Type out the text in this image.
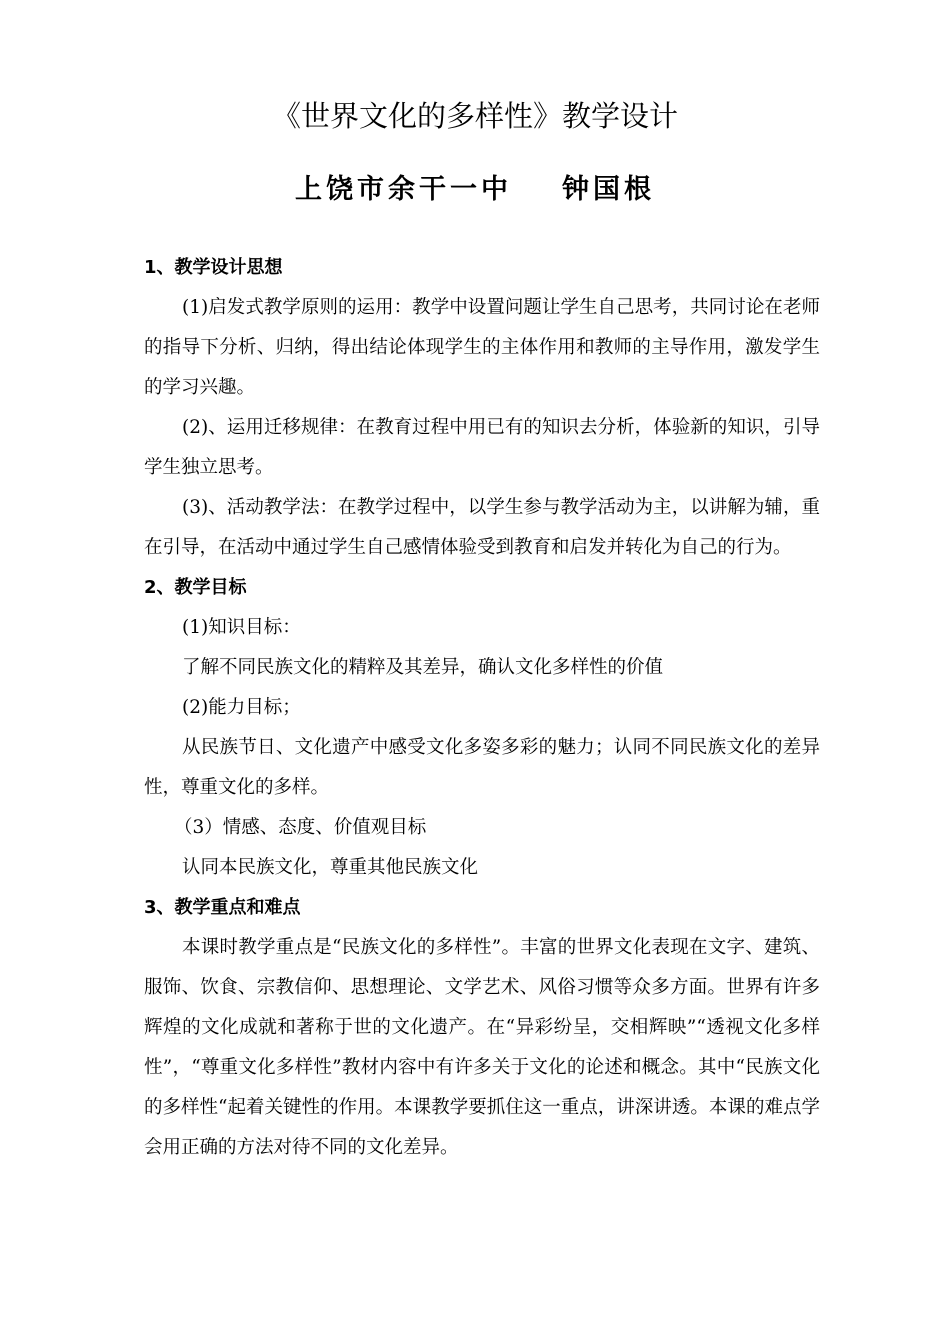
《世界文化的多样性》教学设计
上饶市余干一中 钟国根

1、教学设计思想

(1)启发式教学原则的运用：教学中设置问题让学生自己思考，共同讨论在老师的指导下分析、归纳，得出结论体现学生的主体作用和教师的主导作用，激发学生的学习兴趣。

(2)、运用迁移规律：在教育过程中用已有的知识去分析，体验新的知识，引导学生独立思考。

(3)、活动教学法：在教学过程中，以学生参与教学活动为主，以讲解为辅，重在引导，在活动中通过学生自己感情体验受到教育和启发并转化为自己的行为。

2、教学目标

(1)知识目标：

了解不同民族文化的精粹及其差异，确认文化多样性的价值

(2)能力目标；

从民族节日、文化遗产中感受文化多姿多彩的魅力；认同不同民族文化的差异性，尊重文化的多样。

（3）情感、态度、价值观目标

认同本民族文化，尊重其他民族文化

3、教学重点和难点

本课时教学重点是“民族文化的多样性”。丰富的世界文化表现在文字、建筑、服饰、饮食、宗教信仰、思想理论、文学艺术、风俗习惯等众多方面。世界有许多辉煌的文化成就和著称于世的文化遗产。在“异彩纷呈，交相辉映”“透视文化多样性”，“尊重文化多样性”教材内容中有许多关于文化的论述和概念。其中“民族文化的多样性“起着关键性的作用。本课教学要抓住这一重点，讲深讲透。本课的难点学会用正确的方法对待不同的文化差异。
